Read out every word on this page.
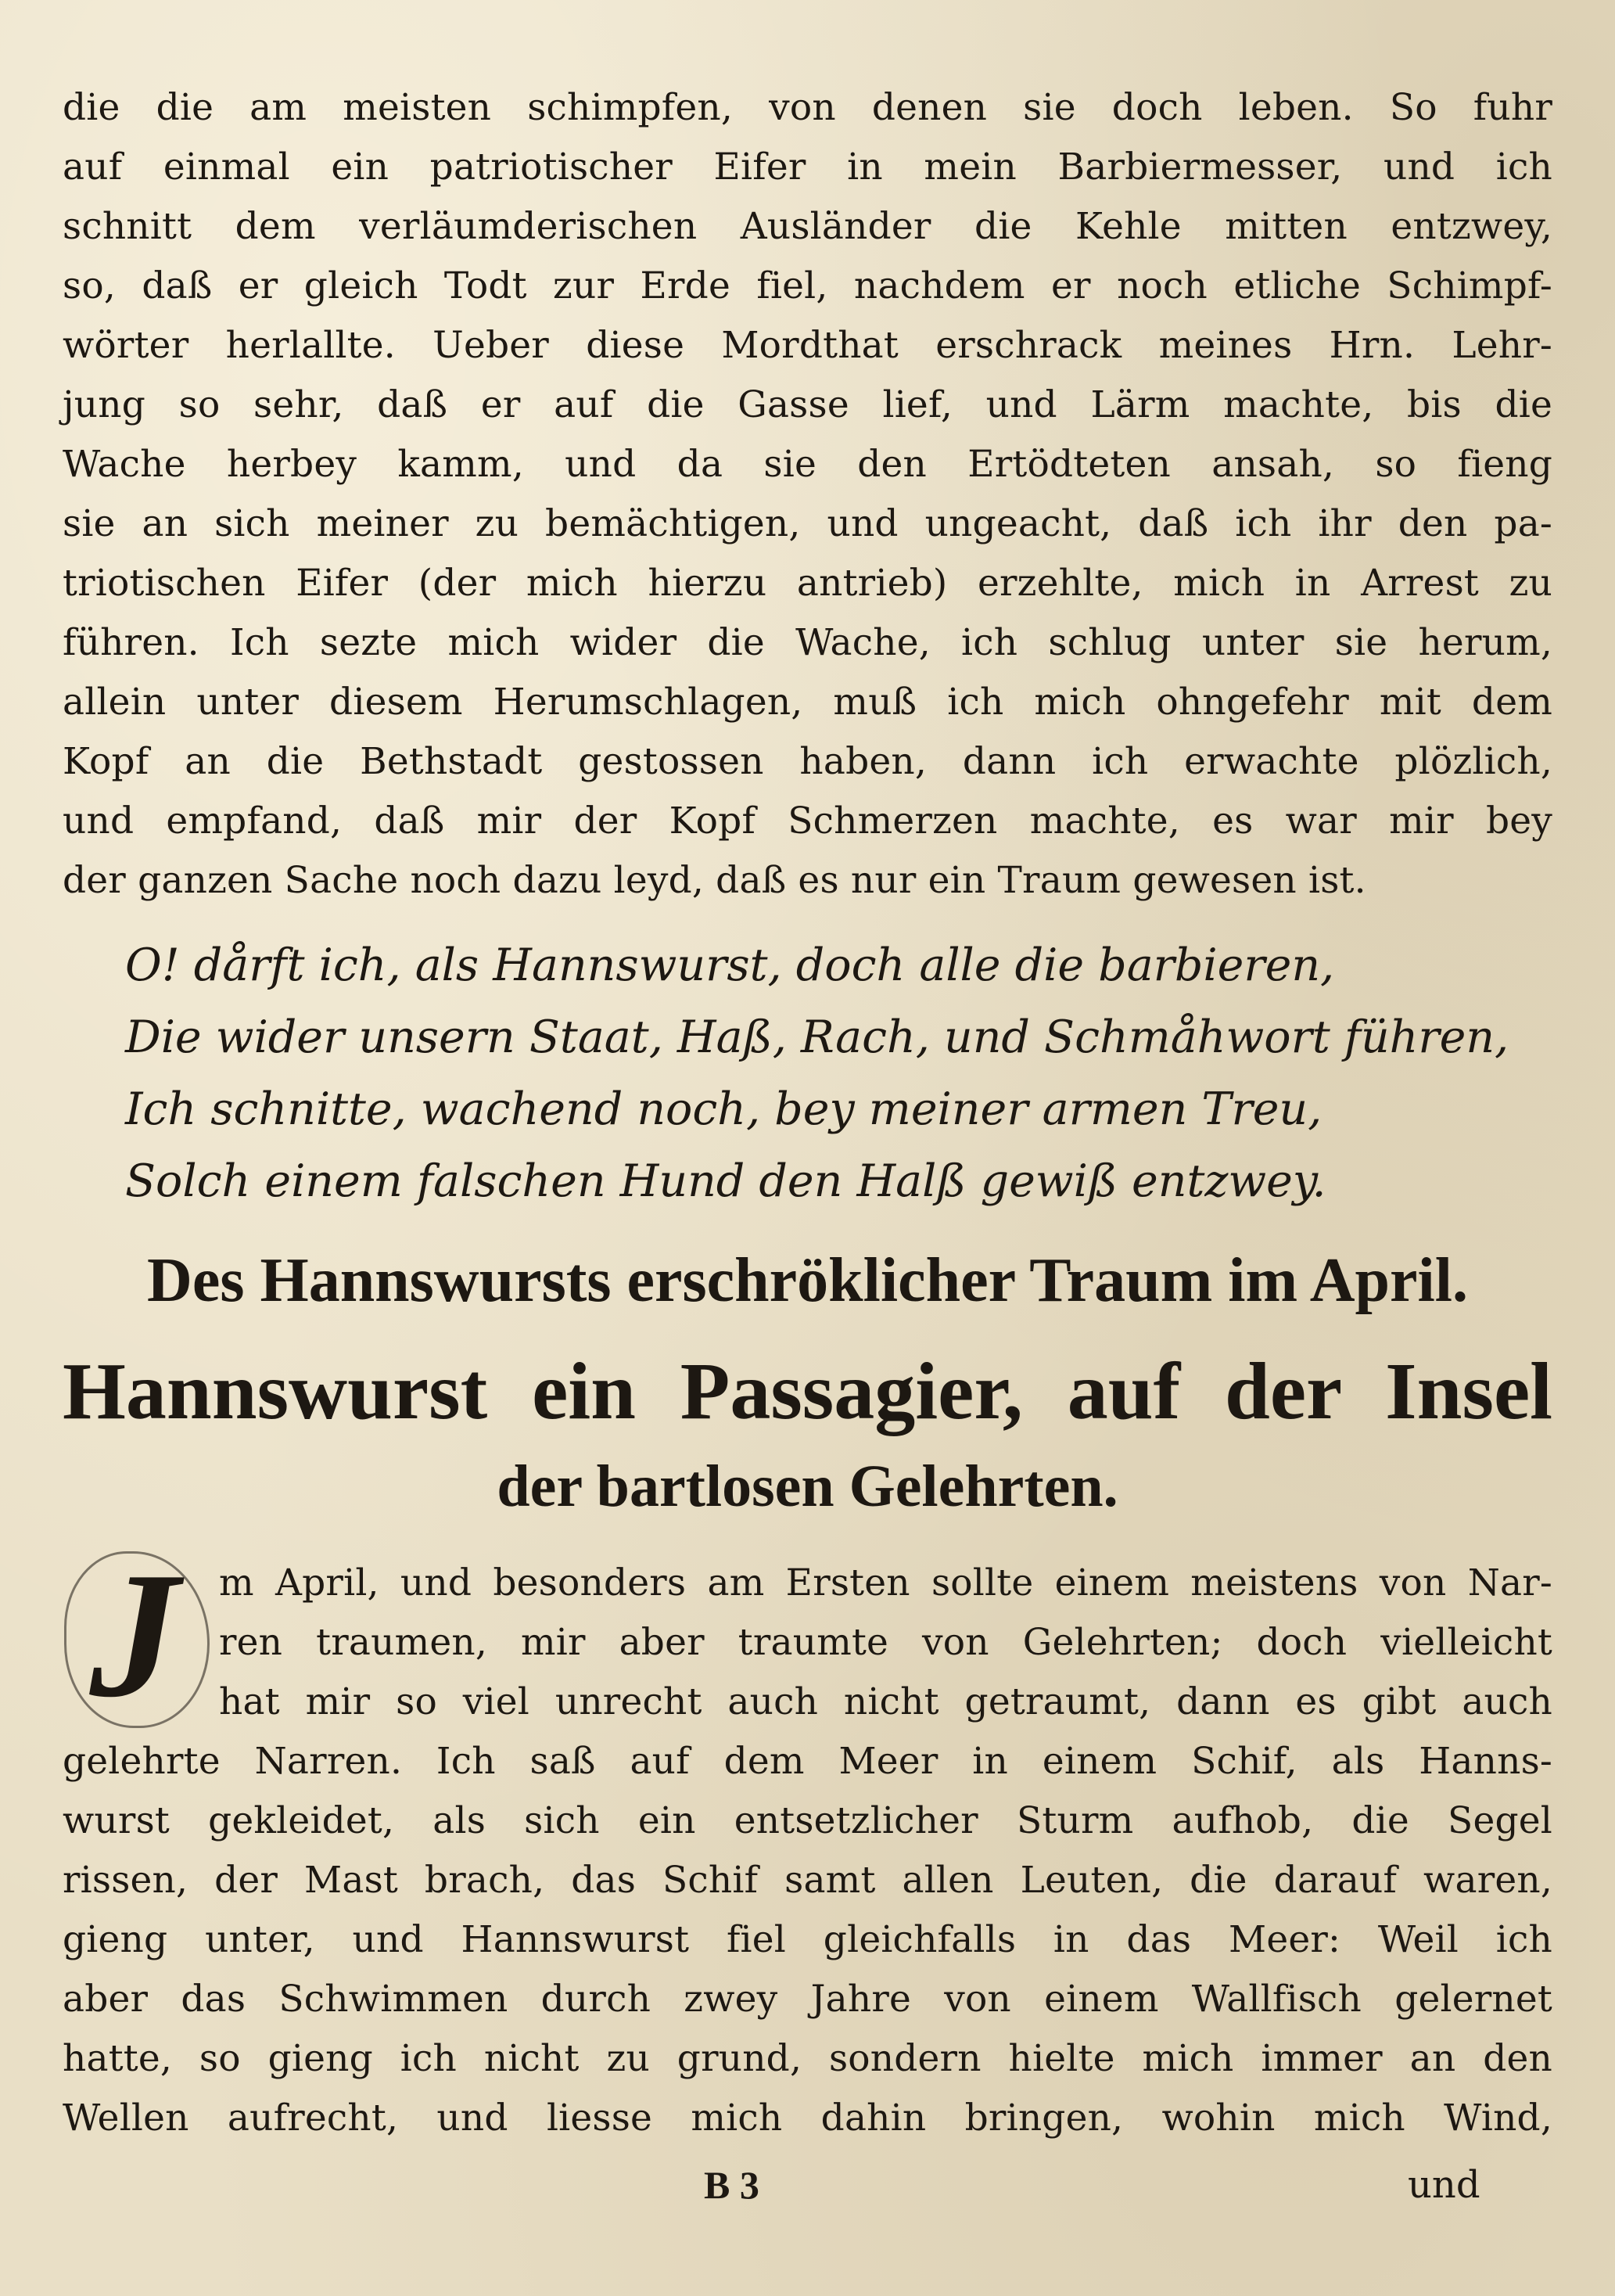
die die am meisten schimpfen, von denen sie doch leben. So fuhr
auf einmal ein patriotischer Eifer in mein Barbiermesser, und ich
schnitt dem verläumderischen Ausländer die Kehle mitten entzwey,
so, daß er gleich Todt zur Erde fiel, nachdem er noch etliche Schimpf-
wörter herlallte. Ueber diese Mordthat erschrack meines Hrn. Lehr-
jung so sehr, daß er auf die Gasse lief, und Lärm machte, bis die
Wache herbey kamm, und da sie den Ertödteten ansah, so fieng
sie an sich meiner zu bemächtigen, und ungeacht, daß ich ihr den pa-
triotischen Eifer (der mich hierzu antrieb) erzehlte, mich in Arrest zu
führen. Ich sezte mich wider die Wache, ich schlug unter sie herum,
allein unter diesem Herumschlagen, muß ich mich ohngefehr mit dem
Kopf an die Bethstadt gestossen haben, dann ich erwachte plözlich,
und empfand, daß mir der Kopf Schmerzen machte, es war mir bey
der ganzen Sache noch dazu leyd, daß es nur ein Traum gewesen ist.
O! dårft ich, als Hannswurst, doch alle die barbieren,
Die wider unsern Staat, Haß, Rach, und Schmåhwort führen,
Ich schnitte, wachend noch, bey meiner armen Treu,
Solch einem falschen Hund den Halß gewiß entzwey.
Des Hannswursts erschröklicher Traum im April.
Hannswurst ein Passagier, auf der Insel
der bartlosen Gelehrten.
J	m April, und besonders am Ersten sollte einem meistens von Nar-
ren traumen, mir aber traumte von Gelehrten; doch vielleicht
hat mir so viel unrecht auch nicht getraumt, dann es gibt auch
gelehrte Narren. Ich saß auf dem Meer in einem Schif, als Hanns-
wurst gekleidet, als sich ein entsetzlicher Sturm aufhob, die Segel
rissen, der Mast brach, das Schif samt allen Leuten, die darauf waren,
gieng unter, und Hannswurst fiel gleichfalls in das Meer: Weil ich
aber das Schwimmen durch zwey Jahre von einem Wallfisch gelernet
hatte, so gieng ich nicht zu grund, sondern hielte mich immer an den
Wellen aufrecht, und liesse mich dahin bringen, wohin mich Wind,
B 3	und
